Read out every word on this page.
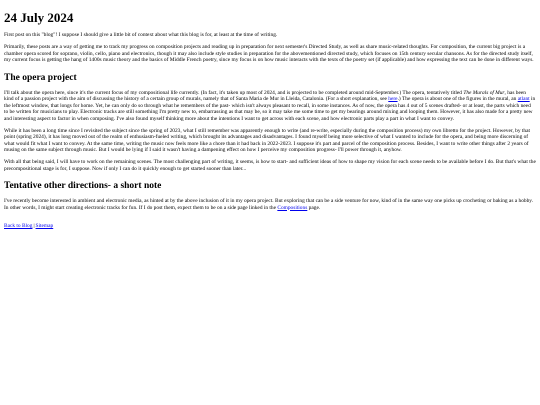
24 July 2024

First post on this "blog"! I suppose I should give a little bit of context about what this blog is for, at least at the time of writing.

Primarily, these posts are a way of getting me to track my progress on composition projects and reading up in preparation for next semester's Directed Study, as well as share music-related thoughts. For composition, the current big project is a chamber opera scored for soprano, violin, cello, piano and electronics, though it may also include style studies in preparation for the abovementioned directed study, which focuses on 15th century secular chansons. As for the directed study itself, my current focus is getting the hang of 1400s music theory and the basics of Middle French poetry, since my focus is on how music interacts with the texts of the poetry set (if applicable) and how expressing the text can be done in different ways.

The opera project

I'll talk about the opera here, since it's the current focus of my compositional life currently. (In fact, it's taken up most of 2024, and is projected to be completed around mid-September.) The opera, tentatively titled The Murals of Mur, has been kind of a passion project with the aim of discussing the history of a certain group of murals, namely that of Santa Maria de Mur in Lleida, Catalonia. (For a short explanation, see here.) The opera is about one of the figures in the mural, an atlant in the leftmost window, that longs for home. Yet, he can only do so through what he remembers of the past- which isn't always pleasant to recall, in some instances. As of now, the opera has 4 out of 5 scenes drafted- or at least, the parts which need to be written for musicians to play. Electronic tracks are still something I'm pretty new to, embarrassing as that may be, so it may take me some time to get my bearings around mixing and looping them. However, it has also made for a pretty new and interesting aspect to factor in when composing. I've also found myself thinking more about the intentions I want to get across with each scene, and how electronic parts play a part in what I want to convey.

While it has been a long time since I revisited the subject since the spring of 2023, what I still remember was apparently enough to write (and re-write, especially during the composition process) my own libretto for the project. However, by that point (spring 2024), it has long moved out of the realm of enthusiasm-fueled writing, which brought its advantages and disadvantages. I found myself being more selective of what I wanted to include for the opera, and being more discerning of what would fit what I want to convey. At the same time, writing the music now feels more like a chore than it had back in 2022-2023. I suppose it's part and parcel of the composition process. Besides, I want to write other things after 2 years of musing on the same subject through music. But I would be lying if I said it wasn't having a dampening effect on how I perceive my composition progress- I'll power through it, anyhow.

With all that being said, I will have to work on the remaining scenes. The most challenging part of writing, it seems, is how to start- and sufficient ideas of how to shape my vision for each scene needs to be available before I do. But that's what the precompositional stage is for, I suppose. Now if only I can do it quickly enough to get started sooner than later...

Tentative other directions- a short note

I've recently become interested in ambient and electronic media, as hinted at by the above inclusion of it in my opera project. But exploring that can be a side venture for now, kind of in the same way one picks up crocheting or baking as a hobby. In other words, I might start creating electronic tracks for fun. If I do post them, expect them to be on a side page linked in the Compositions page.

Back to Blog|Sitemap
